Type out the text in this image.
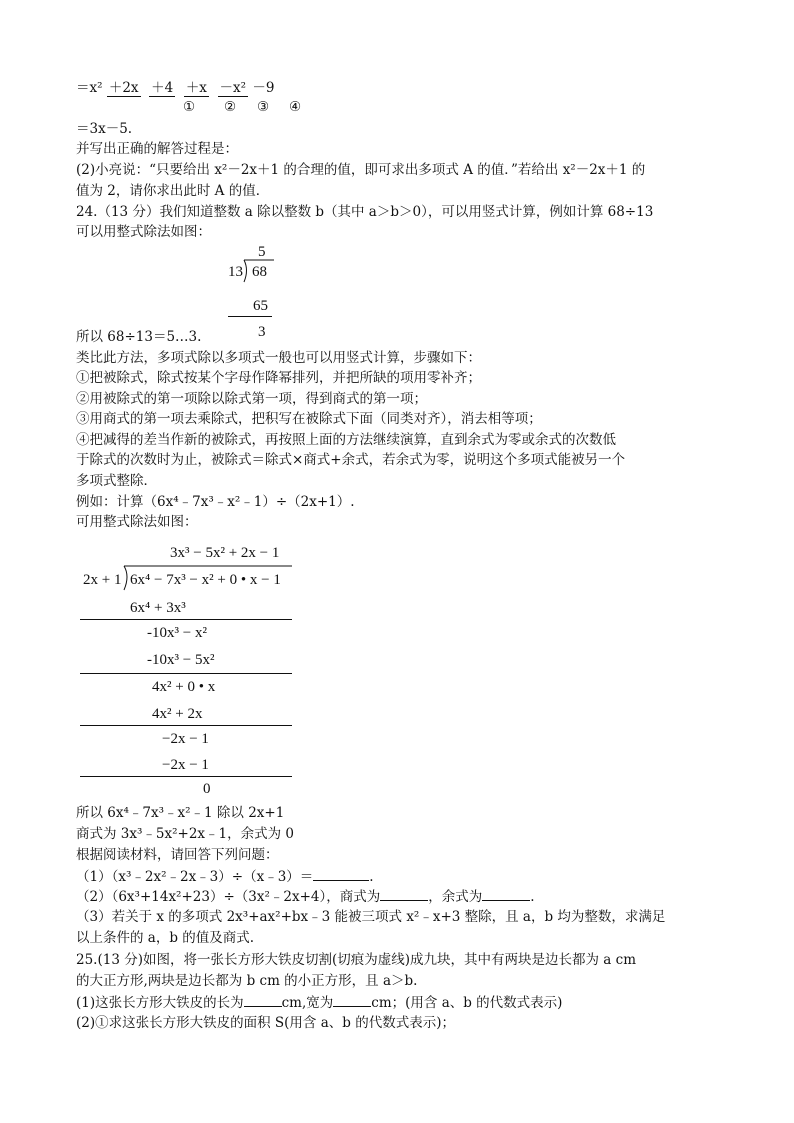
＝x² ＋2x ＋4 ＋x －x² －9
① ② ③ ④
＝3x－5.
并写出正确的解答过程是：
(2)小亮说：“只要给出 x²－2x＋1 的合理的值，即可求出多项式 A 的值．”若给出 x²－2x＋1 的
值为 2，请你求出此时 A 的值．
24.（13 分）我们知道整数 a 除以整数 b（其中 a＞b＞0），可以用竖式计算，例如计算 68÷13
可以用整式除法如图：
5
13 68
65
3
所以 68÷13＝5…3.
类比此方法，多项式除以多项式一般也可以用竖式计算，步骤如下：
①把被除式，除式按某个字母作降幂排列，并把所缺的项用零补齐；
②用被除式的第一项除以除式第一项，得到商式的第一项；
③用商式的第一项去乘除式，把积写在被除式下面（同类对齐），消去相等项；
④把减得的差当作新的被除式，再按照上面的方法继续演算，直到余式为零或余式的次数低
于除式的次数时为止，被除式＝除式×商式+余式，若余式为零，说明这个多项式能被另一个
多项式整除．
例如：计算（6x⁴﹣7x³﹣x²﹣1）÷（2x+1）.
可用整式除法如图：
3x³ − 5x² + 2x − 1
2x + 1 6x⁴ − 7x³ − x² + 0 • x − 1
6x⁴ + 3x³
-10x³ − x²
-10x³ − 5x²
4x² + 0 • x
4x² + 2x
−2x − 1
−2x − 1
0
所以 6x⁴﹣7x³﹣x²﹣1 除以 2x+1
商式为 3x³﹣5x²+2x﹣1，余式为 0
根据阅读材料，请回答下列问题：
（1）（x³﹣2x²﹣2x﹣3）÷（x﹣3）＝	.
（2）（6x³+14x²+23）÷（3x²﹣2x+4），商式为	，余式为	.
（3）若关于 x 的多项式 2x³+ax²+bx﹣3 能被三项式 x²﹣x+3 整除，且 a，b 均为整数，求满足
以上条件的 a，b 的值及商式.
25.(13 分)如图，将一张长方形大铁皮切割(切痕为虚线)成九块，其中有两块是边长都为 a cm
的大正方形,两块是边长都为 b cm 的小正方形，且 a＞b.
(1)这张长方形大铁皮的长为	cm,宽为	cm；(用含 a、b 的代数式表示)
(2)①求这张长方形大铁皮的面积 S(用含 a、b 的代数式表示)；
